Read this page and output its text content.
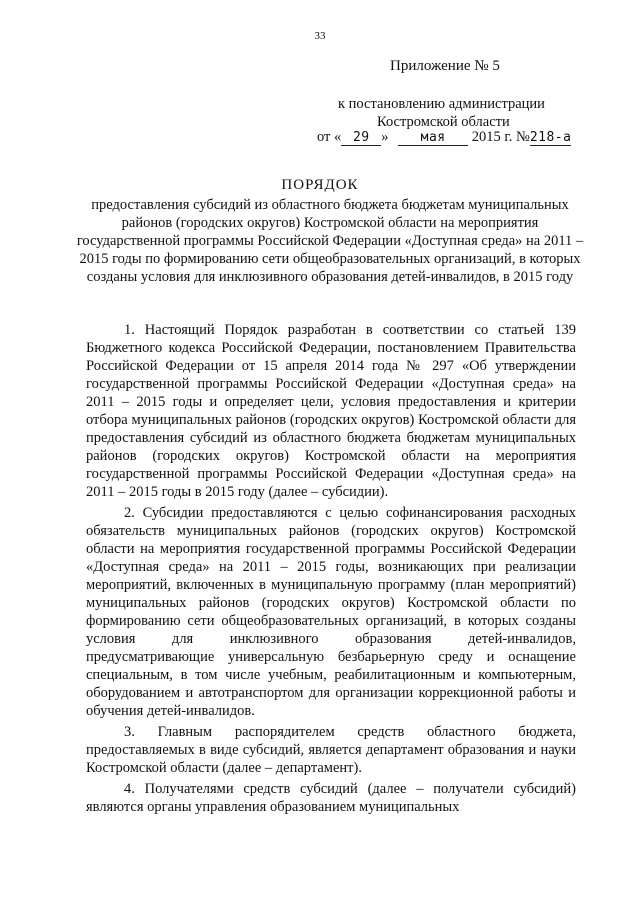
33
Приложение № 5
к постановлению администрации
Костромской области
от « 29 » мая 2015 г. №218-а
ПОРЯДОК
предоставления субсидий из областного бюджета бюджетам муниципальных районов (городских округов) Костромской области на мероприятия государственной программы Российской Федерации «Доступная среда» на 2011 – 2015 годы по формированию сети общеобразовательных организаций, в которых созданы условия для инклюзивного образования детей-инвалидов, в 2015 году

1. Настоящий Порядок разработан в соответствии со статьей 139 Бюджетного кодекса Российской Федерации, постановлением Правительства Российской Федерации от 15 апреля 2014 года № 297 «Об утверждении государственной программы Российской Федерации «Доступная среда» на 2011 – 2015 годы и определяет цели, условия предоставления и критерии отбора муниципальных районов (городских округов) Костромской области для предоставления субсидий из областного бюджета бюджетам муниципальных районов (городских округов) Костромской области на мероприятия государственной программы Российской Федерации «Доступная среда» на 2011 – 2015 годы в 2015 году (далее – субсидии).

2. Субсидии предоставляются с целью софинансирования расходных обязательств муниципальных районов (городских округов) Костромской области на мероприятия государственной программы Российской Федерации «Доступная среда» на 2011 – 2015 годы, возникающих при реализации мероприятий, включенных в муниципальную программу (план мероприятий) муниципальных районов (городских округов) Костромской области по формированию сети общеобразовательных организаций, в которых созданы условия для инклюзивного образования детей-инвалидов, предусматривающие универсальную безбарьерную среду и оснащение специальным, в том числе учебным, реабилитационным и компьютерным, оборудованием и автотранспортом для организации коррекционной работы и обучения детей-инвалидов.

3. Главным распорядителем средств областного бюджета, предоставляемых в виде субсидий, является департамент образования и науки Костромской области (далее – департамент).

4. Получателями средств субсидий (далее – получатели субсидий) являются органы управления образованием муниципальных
